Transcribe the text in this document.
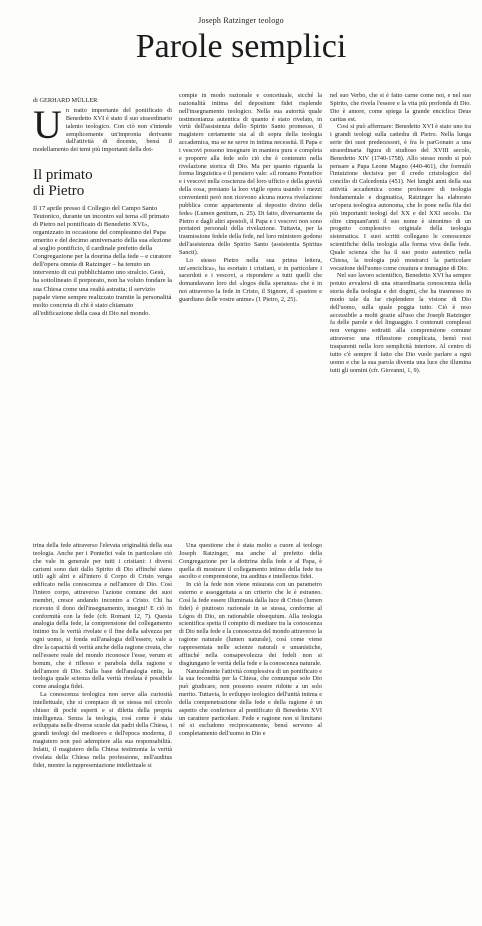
Joseph Ratzinger teologo
Parole semplici
di GERHARD MÜLLER
U n tratto importante del pontificato di Benedetto XVI è stato il suo straordinario talento teologico. Con ciò non s'intende semplicemente un'impronta derivante dall'attività di docente, bensì il modellamento dei temi più importanti della dot-

Il primato
di Pietro

Il 17 aprile presso il Collegio del Campo Santo Teutonico, durante un incontro sul tema «Il primato di Pietro nel pontificato di Benedetto XVI», organizzato in occasione del compleanno del Papa emerito e del decimo anniversario della sua elezione al soglio pontificio, il cardinale prefetto della Congregazione per la dourina della fede – e curatore dell'opera omnia di Ratzinger – ha tenuto un intervento di cui pubblichiamo uno stralcio. Gesù, ha sottolineato il porporato, non ha voluto fondare la sua Chiesa come una realtà astratta; il servizio papale viene sempre realizzato tramite la personalità molto concreta di chi è stato chiamato all'edificazione della casa di Dio nel mondo.

trina della fede attraverso l'elevata originalità della sua teologia. Anche per i Pontefici vale in particolare ciò che vale in generale per tutti i cristiani: i diversi carismi sono dati dallo Spirito di Dio affinché siano utili agli altri e all'intero il Corpo di Cristo venga edificato nella conoscenza e nell'amore di Dio. Così l'intero corpo, attraverso l'azione comune dei suoi membri, cresce andando incontro a Cristo. Chi ha ricevuto il dono dell'insegnamento, insegni! E ciò in conformità con la fede (cfr. Romani 12, 7). Questa analogia della fede, la comprensione del collegamento intimo tra le verità rivelate e il fine della salvezza per ogni uomo, si fonda sull'analogia dell'essere, vale a dire la capacità di verità anche della ragione creata, che nell'essere reale del mondo riconosce l'esse, verum et bonum, che è riflesso e parabola della ragione e dell'amore di Dio. Sulla base dell'analogia entis, la teologia quale scienza della verità rivelata è possibile come analogia fidei.

La conoscenza teologica non serve alla curiosità intellettuale, che si compiace di se stessa nel circolo chiuso di pochi esperti e si diletta della propria intelligenza. Senza la teologia, così come è stata sviluppata nelle diverse scuole dai padri della Chiesa, i grandi teologi del medioevo e dell'epoca moderna, il magistero non può adempiere alla sua responsabilità. Infatti, il magistero della Chiesa testimonia la verità rivelata della Chiesa nella professione, nell'auditus fidei, mentre la rappresentazione intellettuale si

compie in modo razionale e concettuale, sicché la razionalità intima del depositum fidei risplende nell'insegnamento teologico. Nella sua autorità quale testimonianza autentica di quanto è stato rivelato, in virtù dell'assistenza dello Spirito Santo promesso, il magistero certamente sta al di sopra della teologia accademica, ma se ne serve in intima necessità. Il Papa e i vescovi possono insegnare in maniera pura e completa e proporre alla fede solo ciò che è contenuto nella rivelazione storica di Dio. Ma per quanto riguarda la forma linguistica e il pensiero vale: «il romano Pontefice e i vescovi nella coscienza del loro ufficio e della gravità della cosa, prestano la loro vigile opera usando i mezzi convenienti però non ricevono alcuna nuova rivelazione pubblica come appartenente al deposito divino della fede» (Lumen gentium, n. 25). Di fatto, diversamente da Pietro e dagli altri apostoli, il Papa e i vescovi non sono portatori personali della rivelazione. Tuttavia, per la trasmissione fedele della fede, nel loro ministero godono dell'assistenza dello Spirito Santo (assistentia Spiritus Sancti).

Lo stesso Pietro nella sua prima lettera, un'«enciclica», ha esortato i cristiani, e in particolare i sacerdoti e i vescovi, a rispondere a tutti quelli che domandavano loro del «logos della speranza» che è in noi attraverso la fede in Cristo, il Signore, il «pastore e guardiano delle vostre anime» (1 Pietro, 2, 25).

Una questione che è stata molto a cuore al teologo Joseph Ratzinger, ma anche al prefetto della Congregazione per la dottrina della fede e al Papa, è quella di mostrare il collegamento intimo della fede tra ascolto e comprensione, tra auditus e intellectus fidei.

In ciò la fede non viene misurata con un parametro esterno e assoggettata a un criterio che le è estraneo. Così la fede essere illuminata dalla luce di Cristo (lumen fidei) è piuttosto razionale in se stessa, conforme al Lógos di Dio, un rationabile obsequium. Alla teologia scientifica spetta il compito di mediare tra la conoscenza di Dio nella fede e la conoscenza del mondo attraverso la ragione naturale (lumen naturale), così come viene rappresentata nelle scienze naturali e umanistiche, affinché nella consapevolezza dei fedeli non si disgiungano le verità della fede e la conoscenza naturale.

Naturalmente l'attività complessiva di un pontificato e la sua fecondità per la Chiesa, che comunque solo Dio può giudicare, non possono essere ridotte a un solo merito. Tuttavia, lo sviluppo teologico dell'unità intima e della compenetrazione della fede e della ragione è un aspetto che conferisce al pontificato di Benedetto XVI un carattere particolare. Fede e ragione non si limitano né si escludono reciprocamente, bensì servono al completamento dell'uomo in Dio e

nel suo Verbo, che si è fatto carne come noi, e nel suo Spirito, che rivela l'essere e la vita più profonda di Dio. Dio è amore, come spiega la grande enciclica Deus caritas est.

Così si può affermare: Benedetto XVI è stato uno tra i grandi teologi sulla cattedra di Pietro. Nella lunga serie dei suoi predecessori, è fra le parGonato a una straordinaria figura di studioso del XVIII secolo, Benedetto XIV (1740-1758). Allo stesso modo si può pensare a Papa Leone Magno (440-461), che formulò l'intuizione decisiva per il credo cristologico del concilio di Calcedonia (451). Nei lunghi anni della sua attività accademica come professore di teologia fondamentale e dogmatica, Ratzinger ha elaborato un'opera teologica autonoma, che lo pone nella fila dei più importanti teologi del XX e del XXI secolo. Da oltre cinquant'anni il suo nome è sinonimo di un progetto complessivo originale della teologia sistematica. I suoi scritti collegano le conoscenze scientifiche della teologia alla forma viva della fede. Quale scienza che ha il suo posto autentico nella Chiesa, la teologia può mostrarci la particolare vocazione dell'uomo come creatura e immagine di Dio.

Nel suo lavoro scientifico, Benedetto XVI ha sempre potuto avvalersi di una straordinaria conoscenza della storia della teologia e dei dogmi, che ha trasmesso in modo tale da far risplendere la visione di Dio dell'uomo, sulla quale poggia tutto. Ciò è reso accessibile a molti grazie all'uso che Joseph Ratzinger fa delle parole e del linguaggio. I contenuti complessi non vengono sottratti alla comprensione comune attraverso una riflessione complicata, bensì resi trasparenti nella loro semplicità interiore. Al centro di tutto c'è sempre il fatto che Dio vuole parlare a ogni uomo e che la sua parola diventa una luce che illumina tutti gli uomini (cfr. Giovanni, 1, 9).
